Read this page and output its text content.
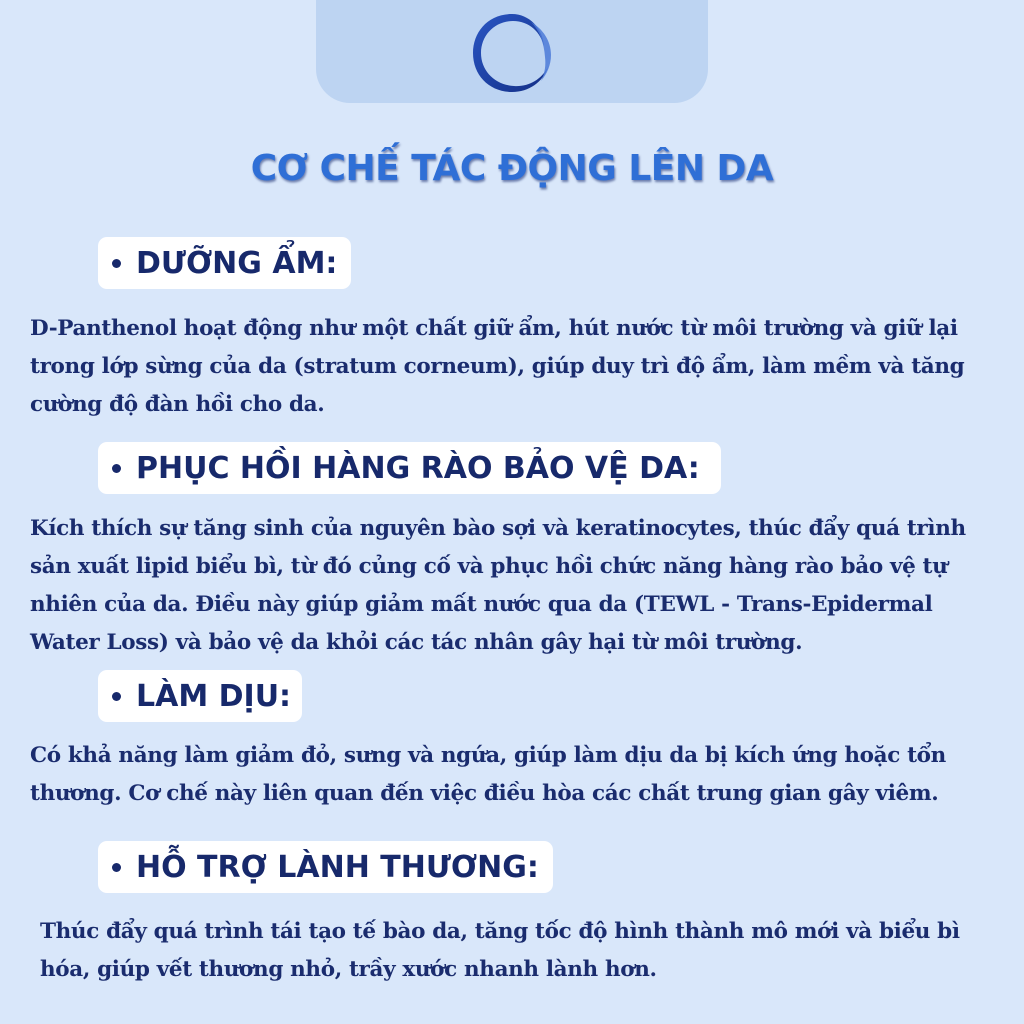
CƠ CHẾ TÁC ĐỘNG LÊN DA
DƯỠNG ẨM:

D-Panthenol hoạt động như một chất giữ ẩm, hút nước từ môi trường và giữ lại
trong lớp sừng của da (stratum corneum), giúp duy trì độ ẩm, làm mềm và tăng
cường độ đàn hồi cho da.

PHỤC HỒI HÀNG RÀO BẢO VỆ DA:

Kích thích sự tăng sinh của nguyên bào sợi và keratinocytes, thúc đẩy quá trình
sản xuất lipid biểu bì, từ đó củng cố và phục hồi chức năng hàng rào bảo vệ tự
nhiên của da. Điều này giúp giảm mất nước qua da (TEWL - Trans-Epidermal
Water Loss) và bảo vệ da khỏi các tác nhân gây hại từ môi trường.

LÀM DỊU:

Có khả năng làm giảm đỏ, sưng và ngứa, giúp làm dịu da bị kích ứng hoặc tổn
thương. Cơ chế này liên quan đến việc điều hòa các chất trung gian gây viêm.

HỖ TRỢ LÀNH THƯƠNG:

Thúc đẩy quá trình tái tạo tế bào da, tăng tốc độ hình thành mô mới và biểu bì
hóa, giúp vết thương nhỏ, trầy xước nhanh lành hơn.
